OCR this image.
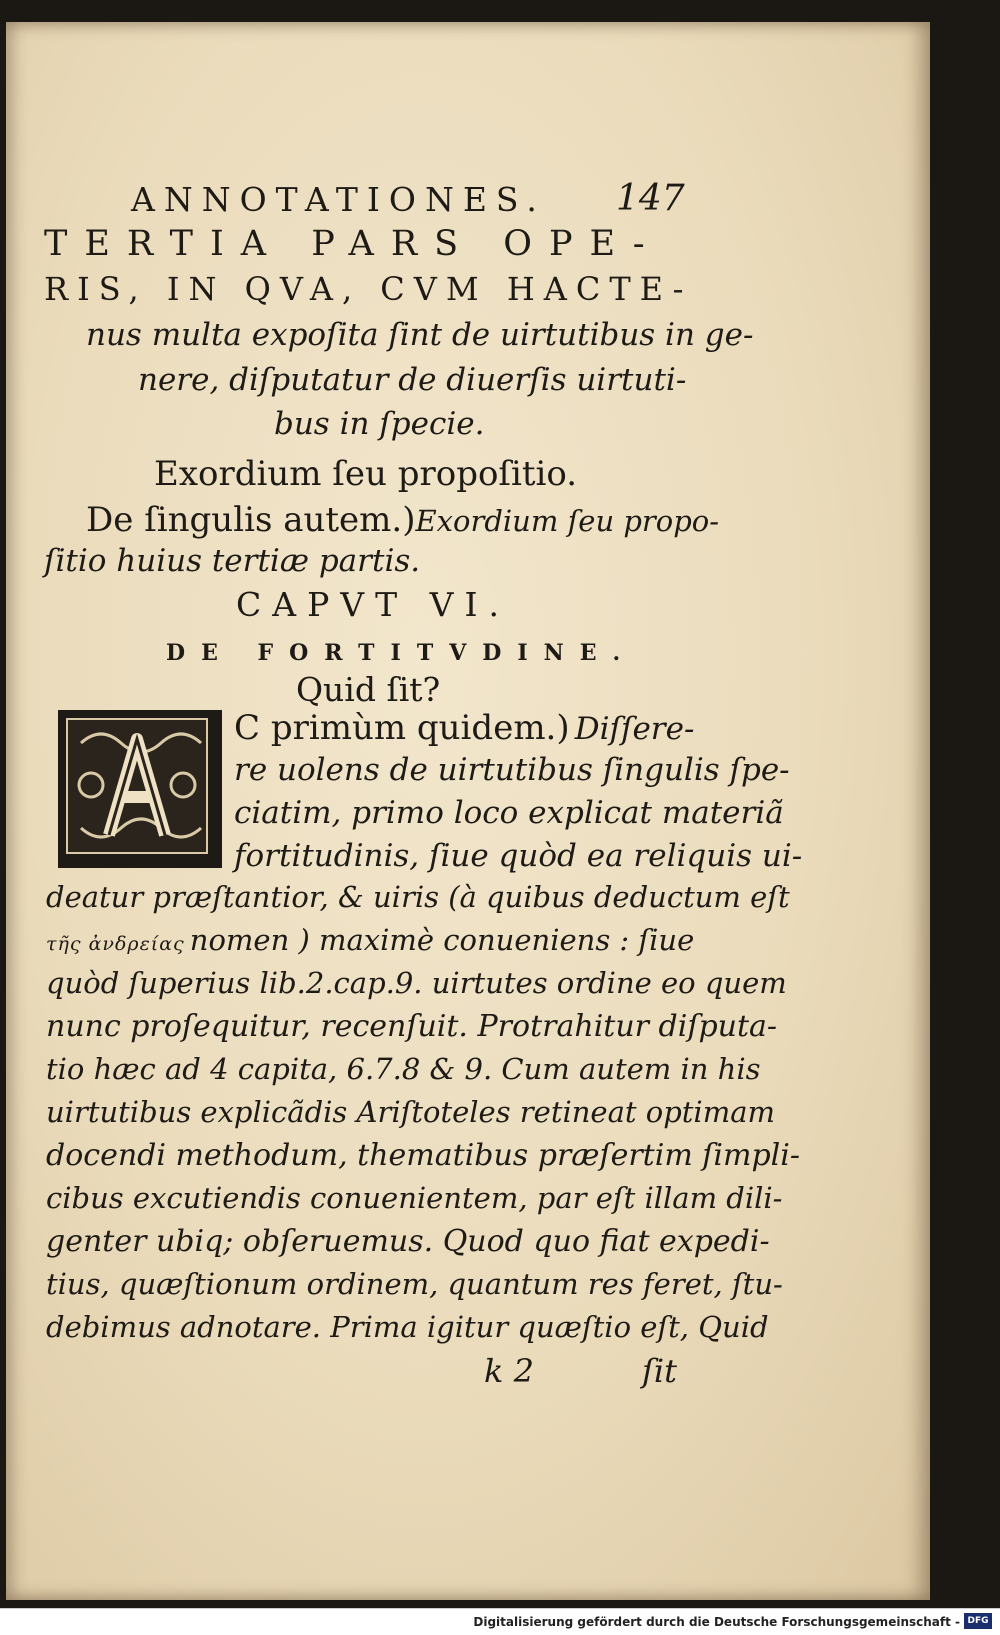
ANNOTATIONES. 147
TERTIA PARS OPE-
RIS, IN QVA, CVM HACTE-
nus multa expoſita ſint de uirtutibus in ge-
nere, diſputatur de diuerſis uirtuti-
bus in ſpecie.
Exordium ſeu propoſitio.
De ſingulis autem.)Exordium ſeu propo-
ſitio huius tertiæ partis.
CAPVT VI.
DE FORTITVDINE.
Quid ſit?
C primùm quidem.) Diſſere-
re uolens de uirtutibus ſingulis ſpe-
ciatim, primo loco explicat materiã
fortitudinis, ſiue quòd ea reliquis ui-
deatur præſtantior, & uiris (à quibus deductum eſt
τῆς ἀνδρείας nomen ) maximè conueniens : ſiue
quòd ſuperius lib.2.cap.9. uirtutes ordine eo quem
nunc proſequitur, recenſuit. Protrahitur diſputa-
tio hæc ad 4 capita, 6.7.8 & 9. Cum autem in his
uirtutibus explicãdis Ariſtoteles retineat optimam
docendi methodum, thematibus præſertim ſimpli-
cibus excutiendis conuenientem, par eſt illam dili-
genter ubiq; obſeruemus. Quod quo fiat expedi-
tius, quæſtionum ordinem, quantum res feret, ſtu-
debimus adnotare. Prima igitur quæſtio eſt, Quid
k 2	ſit
Digitalisierung gefördert durch die Deutsche Forschungsgemeinschaft - DFG
